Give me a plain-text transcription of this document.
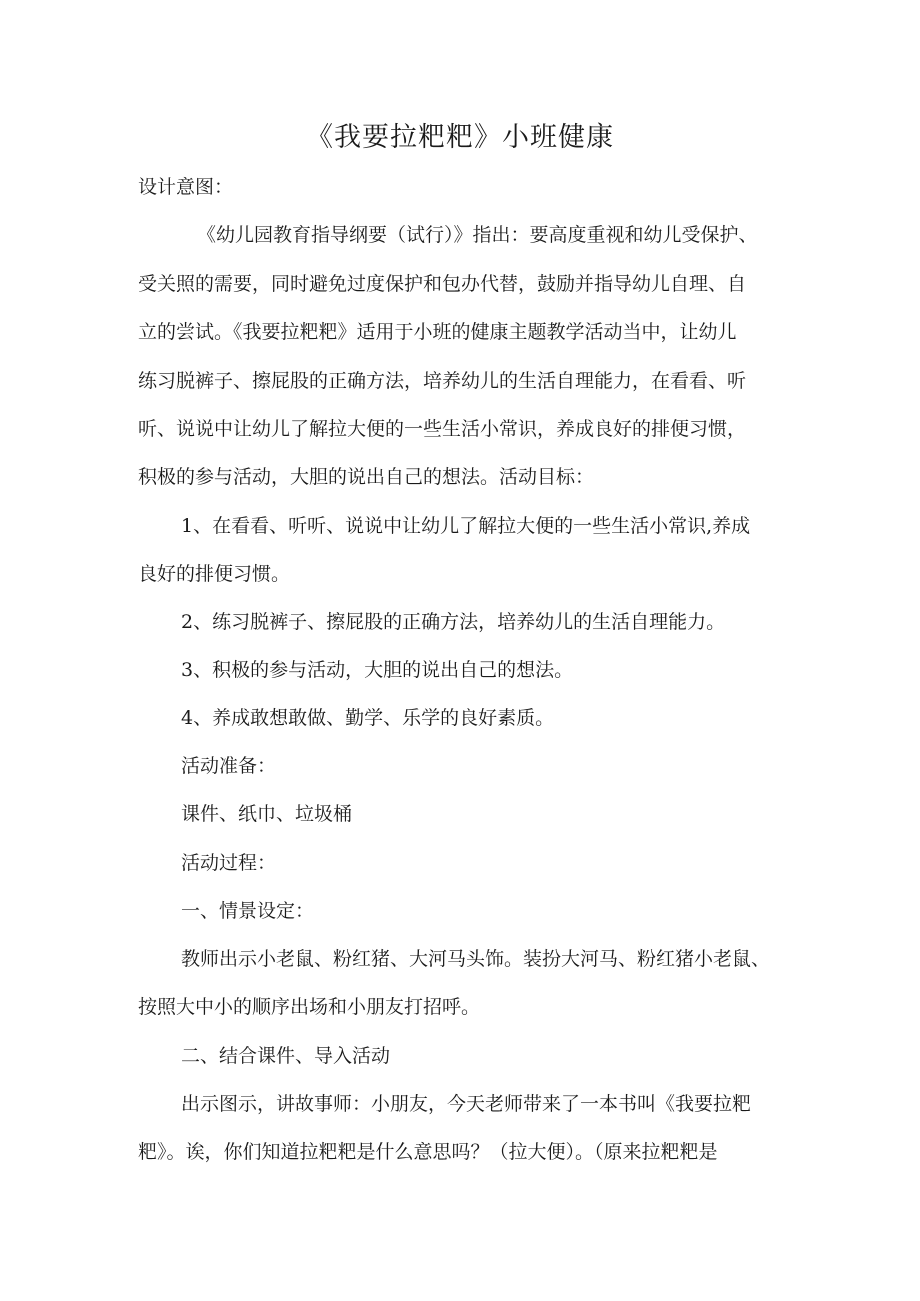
《我要拉粑粑》小班健康
设计意图：
《幼儿园教育指导纲要（试行）》指出：要高度重视和幼儿受保护、
受关照的需要，同时避免过度保护和包办代替，鼓励并指导幼儿自理、自
立的尝试。《我要拉粑粑》适用于小班的健康主题教学活动当中，让幼儿
练习脱裤子、擦屁股的正确方法，培养幼儿的生活自理能力，在看看、听
听、说说中让幼儿了解拉大便的一些生活小常识，养成良好的排便习惯，
积极的参与活动，大胆的说出自己的想法。活动目标：
1、在看看、听听、说说中让幼儿了解拉大便的一些生活小常识,养成
良好的排便习惯。
2、练习脱裤子、擦屁股的正确方法，培养幼儿的生活自理能力。
3、积极的参与活动，大胆的说出自己的想法。
4、养成敢想敢做、勤学、乐学的良好素质。
活动准备：
课件、纸巾、垃圾桶
活动过程：
一、情景设定：
教师出示小老鼠、粉红猪、大河马头饰。装扮大河马、粉红猪小老鼠、
按照大中小的顺序出场和小朋友打招呼。
二、结合课件、导入活动
出示图示，讲故事师：小朋友，今天老师带来了一本书叫《我要拉粑
粑》。诶，你们知道拉粑粑是什么意思吗？（拉大便）。（原来拉粑粑是
